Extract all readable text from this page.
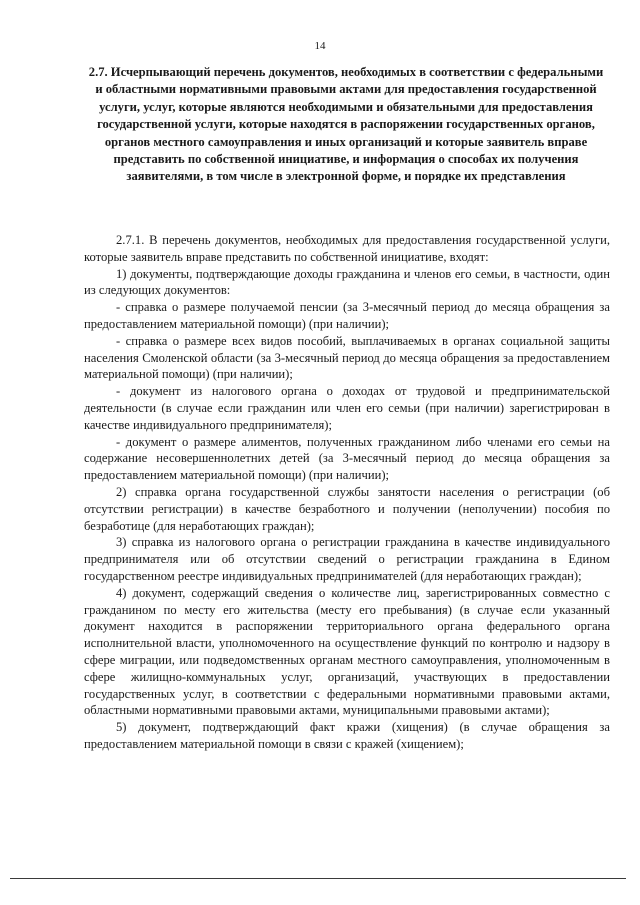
14
2.7. Исчерпывающий перечень документов, необходимых в соответствии с федеральными и областными нормативными правовыми актами для предоставления государственной услуги, услуг, которые являются необходимыми и обязательными для предоставления государственной услуги, которые находятся в распоряжении государственных органов, органов местного самоуправления и иных организаций и которые заявитель вправе представить по собственной инициативе, и информация о способах их получения заявителями, в том числе в электронной форме, и порядке их представления

2.7.1. В перечень документов, необходимых для предоставления государственной услуги, которые заявитель вправе представить по собственной инициативе, входят:

1) документы, подтверждающие доходы гражданина и членов его семьи, в частности, один из следующих документов:

- справка о размере получаемой пенсии (за 3-месячный период до месяца обращения за предоставлением материальной помощи) (при наличии);

- справка о размере всех видов пособий, выплачиваемых в органах социальной защиты населения Смоленской области (за 3-месячный период до месяца обращения за предоставлением материальной помощи) (при наличии);

- документ из налогового органа о доходах от трудовой и предпринимательской деятельности (в случае если гражданин или член его семьи (при наличии) зарегистрирован в качестве индивидуального предпринимателя);

- документ о размере алиментов, полученных гражданином либо членами его семьи на содержание несовершеннолетних детей (за 3-месячный период до месяца обращения за предоставлением материальной помощи) (при наличии);

2) справка органа государственной службы занятости населения о регистрации (об отсутствии регистрации) в качестве безработного и получении (неполучении) пособия по безработице (для неработающих граждан);

3) справка из налогового органа о регистрации гражданина в качестве индивидуального предпринимателя или об отсутствии сведений о регистрации гражданина в Едином государственном реестре индивидуальных предпринимателей (для неработающих граждан);

4) документ, содержащий сведения о количестве лиц, зарегистрированных совместно с гражданином по месту его жительства (месту его пребывания) (в случае если указанный документ находится в распоряжении территориального органа федерального органа исполнительной власти, уполномоченного на осуществление функций по контролю и надзору в сфере миграции, или подведомственных органам местного самоуправления, уполномоченным в сфере жилищно-коммунальных услуг, организаций, участвующих в предоставлении государственных услуг, в соответствии с федеральными нормативными правовыми актами, областными нормативными правовыми актами, муниципальными правовыми актами);

5) документ, подтверждающий факт кражи (хищения) (в случае обращения за предоставлением материальной помощи в связи с кражей (хищением);
